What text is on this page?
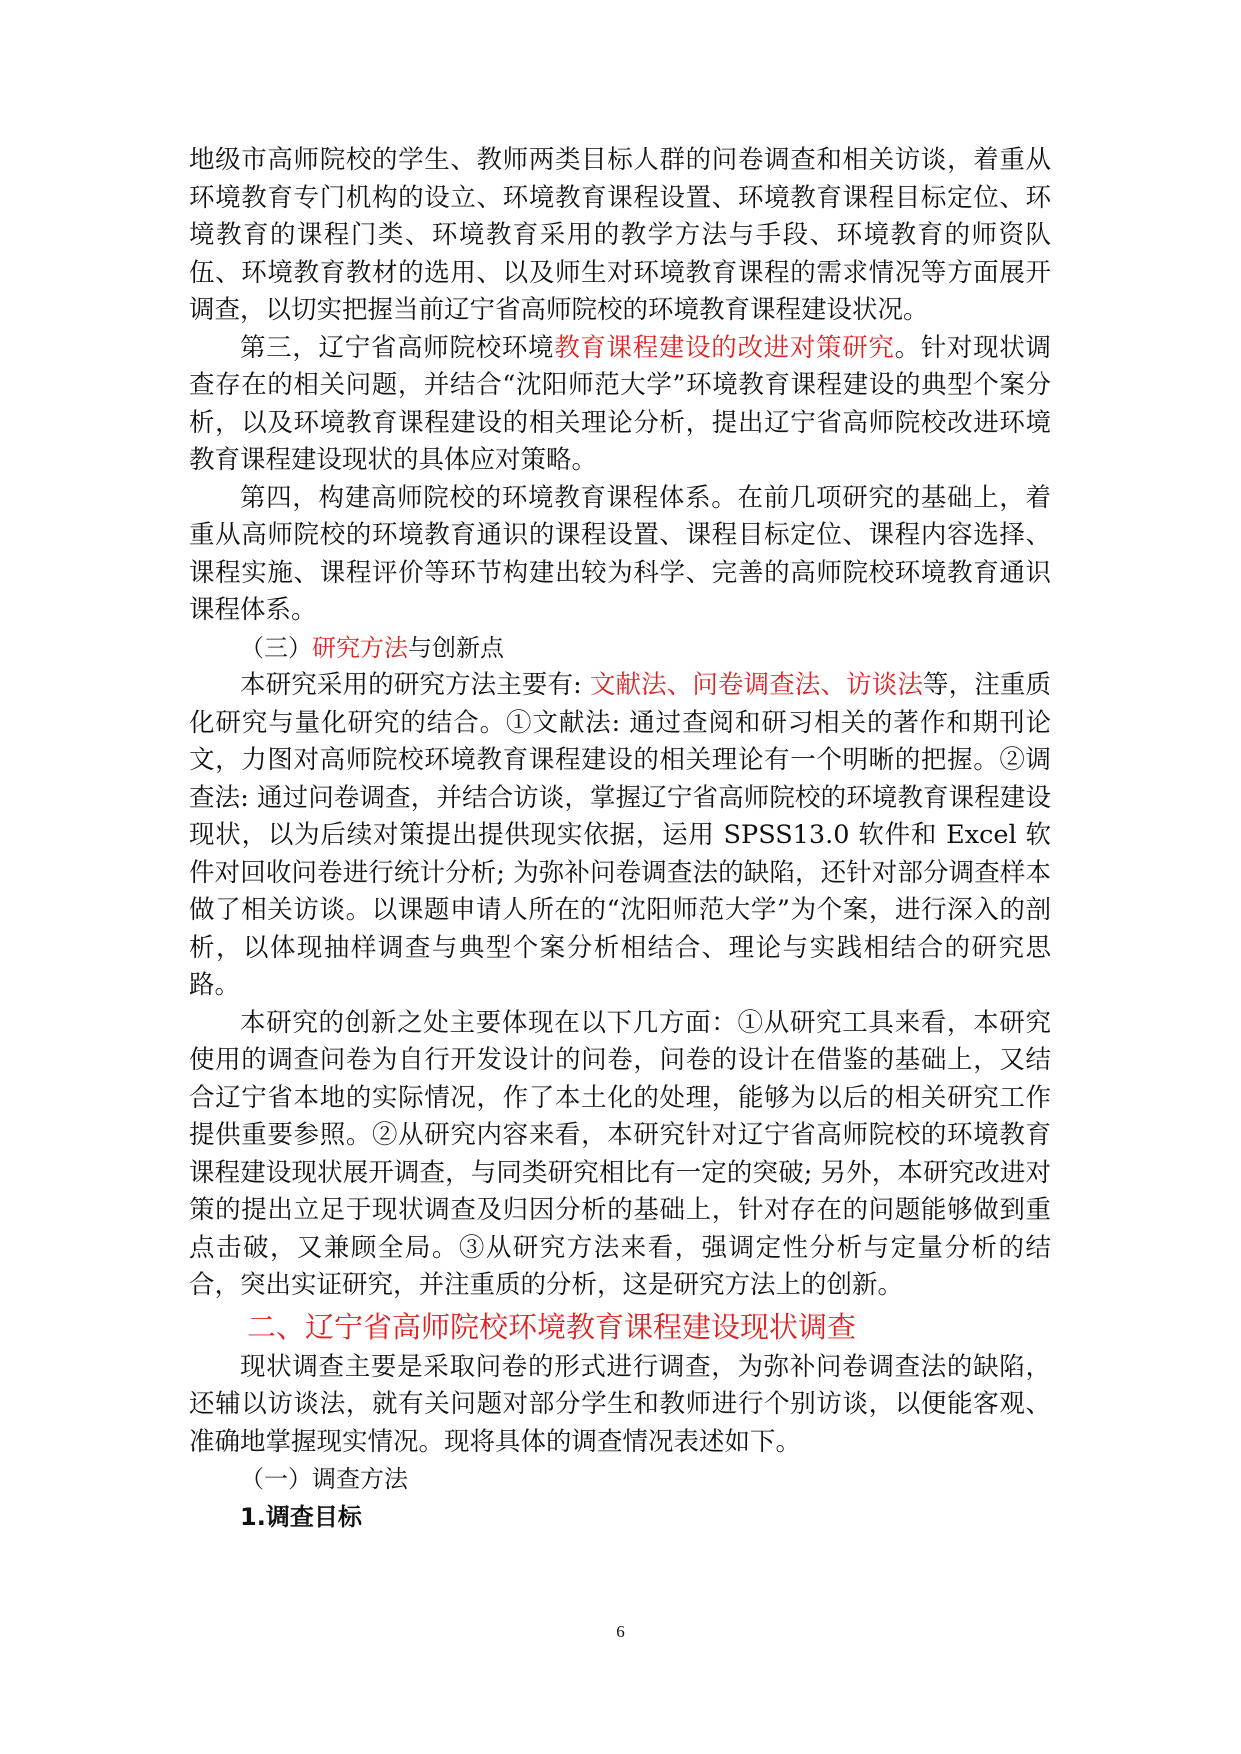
地级市高师院校的学生、教师两类目标人群的问卷调查和相关访谈，着重从环境教育专门机构的设立、环境教育课程设置、环境教育课程目标定位、环境教育的课程门类、环境教育采用的教学方法与手段、环境教育的师资队伍、环境教育教材的选用、以及师生对环境教育课程的需求情况等方面展开调查，以切实把握当前辽宁省高师院校的环境教育课程建设状况。

第三，辽宁省高师院校环境教育课程建设的改进对策研究。针对现状调查存在的相关问题，并结合“沈阳师范大学”环境教育课程建设的典型个案分析，以及环境教育课程建设的相关理论分析，提出辽宁省高师院校改进环境教育课程建设现状的具体应对策略。

第四，构建高师院校的环境教育课程体系。在前几项研究的基础上，着重从高师院校的环境教育通识的课程设置、课程目标定位、课程内容选择、课程实施、课程评价等环节构建出较为科学、完善的高师院校环境教育通识课程体系。

（三）研究方法与创新点

本研究采用的研究方法主要有: 文献法、问卷调查法、访谈法等，注重质化研究与量化研究的结合。①文献法: 通过查阅和研习相关的著作和期刊论文，力图对高师院校环境教育课程建设的相关理论有一个明晰的把握。②调查法: 通过问卷调查，并结合访谈，掌握辽宁省高师院校的环境教育课程建设现状，以为后续对策提出提供现实依据，运用 SPSS13.0 软件和 Excel 软件对回收问卷进行统计分析; 为弥补问卷调查法的缺陷，还针对部分调查样本做了相关访谈。以课题申请人所在的“沈阳师范大学”为个案，进行深入的剖析，以体现抽样调查与典型个案分析相结合、理论与实践相结合的研究思路。

本研究的创新之处主要体现在以下几方面：①从研究工具来看，本研究使用的调查问卷为自行开发设计的问卷，问卷的设计在借鉴的基础上，又结合辽宁省本地的实际情况，作了本土化的处理，能够为以后的相关研究工作提供重要参照。②从研究内容来看，本研究针对辽宁省高师院校的环境教育课程建设现状展开调查，与同类研究相比有一定的突破; 另外，本研究改进对策的提出立足于现状调查及归因分析的基础上，针对存在的问题能够做到重点击破，又兼顾全局。③从研究方法来看，强调定性分析与定量分析的结合，突出实证研究，并注重质的分析，这是研究方法上的创新。

二、辽宁省高师院校环境教育课程建设现状调查

现状调查主要是采取问卷的形式进行调查，为弥补问卷调查法的缺陷，还辅以访谈法，就有关问题对部分学生和教师进行个别访谈，以便能客观、准确地掌握现实情况。现将具体的调查情况表述如下。

（一）调查方法

1.调查目标

6
